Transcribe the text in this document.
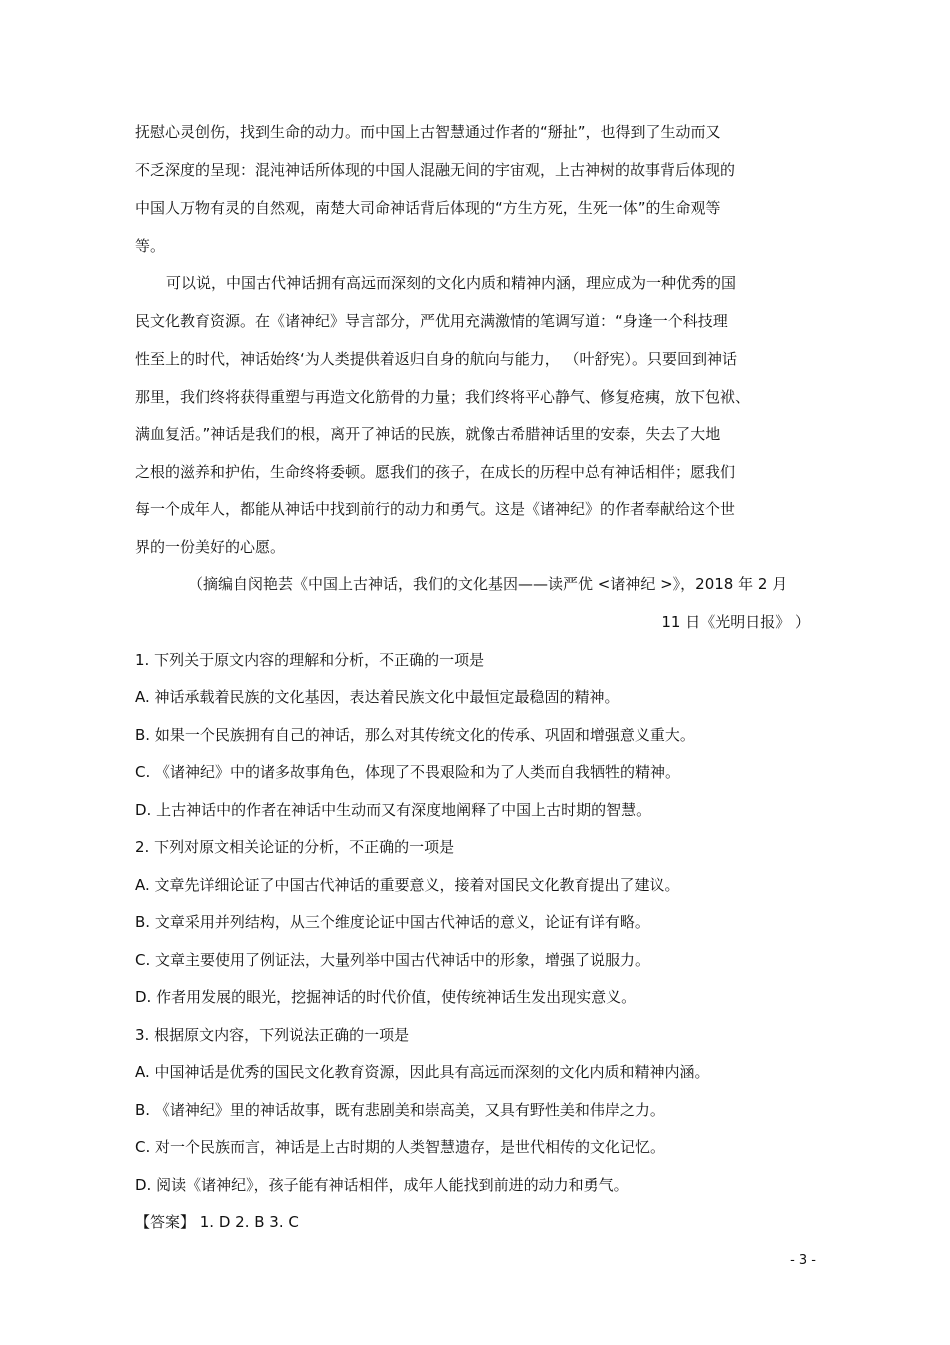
抚慰心灵创伤，找到生命的动力。而中国上古智慧通过作者的“掰扯”，也得到了生动而又
不乏深度的呈现：混沌神话所体现的中国人混融无间的宇宙观，上古神树的故事背后体现的
中国人万物有灵的自然观，南楚大司命神话背后体现的“方生方死，生死一体”的生命观等
等。
可以说，中国古代神话拥有高远而深刻的文化内质和精神内涵，理应成为一种优秀的国
民文化教育资源。在《诸神纪》导言部分，严优用充满激情的笔调写道：“身逢一个科技理
性至上的时代，神话始终‘为人类提供着返归自身的航向与能力， （叶舒宪）。只要回到神话
那里，我们终将获得重塑与再造文化筋骨的力量；我们终将平心静气、修复疮痍，放下包袱、
满血复活。”神话是我们的根，离开了神话的民族，就像古希腊神话里的安泰，失去了大地
之根的滋养和护佑，生命终将委顿。愿我们的孩子，在成长的历程中总有神话相伴；愿我们
每一个成年人，都能从神话中找到前行的动力和勇气。这是《诸神纪》的作者奉献给这个世
界的一份美好的心愿。
（摘编自闵艳芸《中国上古神话，我们的文化基因——读严优 <诸神纪 >》，2018 年 2 月
11 日《光明日报》 ）
1. 下列关于原文内容的理解和分析，不正确的一项是
A. 神话承载着民族的文化基因，表达着民族文化中最恒定最稳固的精神。
B. 如果一个民族拥有自己的神话，那么对其传统文化的传承、巩固和增强意义重大。
C. 《诸神纪》中的诸多故事角色，体现了不畏艰险和为了人类而自我牺牲的精神。
D. 上古神话中的作者在神话中生动而又有深度地阐释了中国上古时期的智慧。
2. 下列对原文相关论证的分析，不正确的一项是
A. 文章先详细论证了中国古代神话的重要意义，接着对国民文化教育提出了建议。
B. 文章采用并列结构，从三个维度论证中国古代神话的意义，论证有详有略。
C. 文章主要使用了例证法，大量列举中国古代神话中的形象，增强了说服力。
D. 作者用发展的眼光，挖掘神话的时代价值，使传统神话生发出现实意义。
3. 根据原文内容，下列说法正确的一项是
A. 中国神话是优秀的国民文化教育资源，因此具有高远而深刻的文化内质和精神内涵。
B. 《诸神纪》里的神话故事，既有悲剧美和崇高美，又具有野性美和伟岸之力。
C. 对一个民族而言，神话是上古时期的人类智慧遗存，是世代相传的文化记忆。
D. 阅读《诸神纪》，孩子能有神话相伴，成年人能找到前进的动力和勇气。
【答案】 1. D 2. B 3. C
- 3 -
